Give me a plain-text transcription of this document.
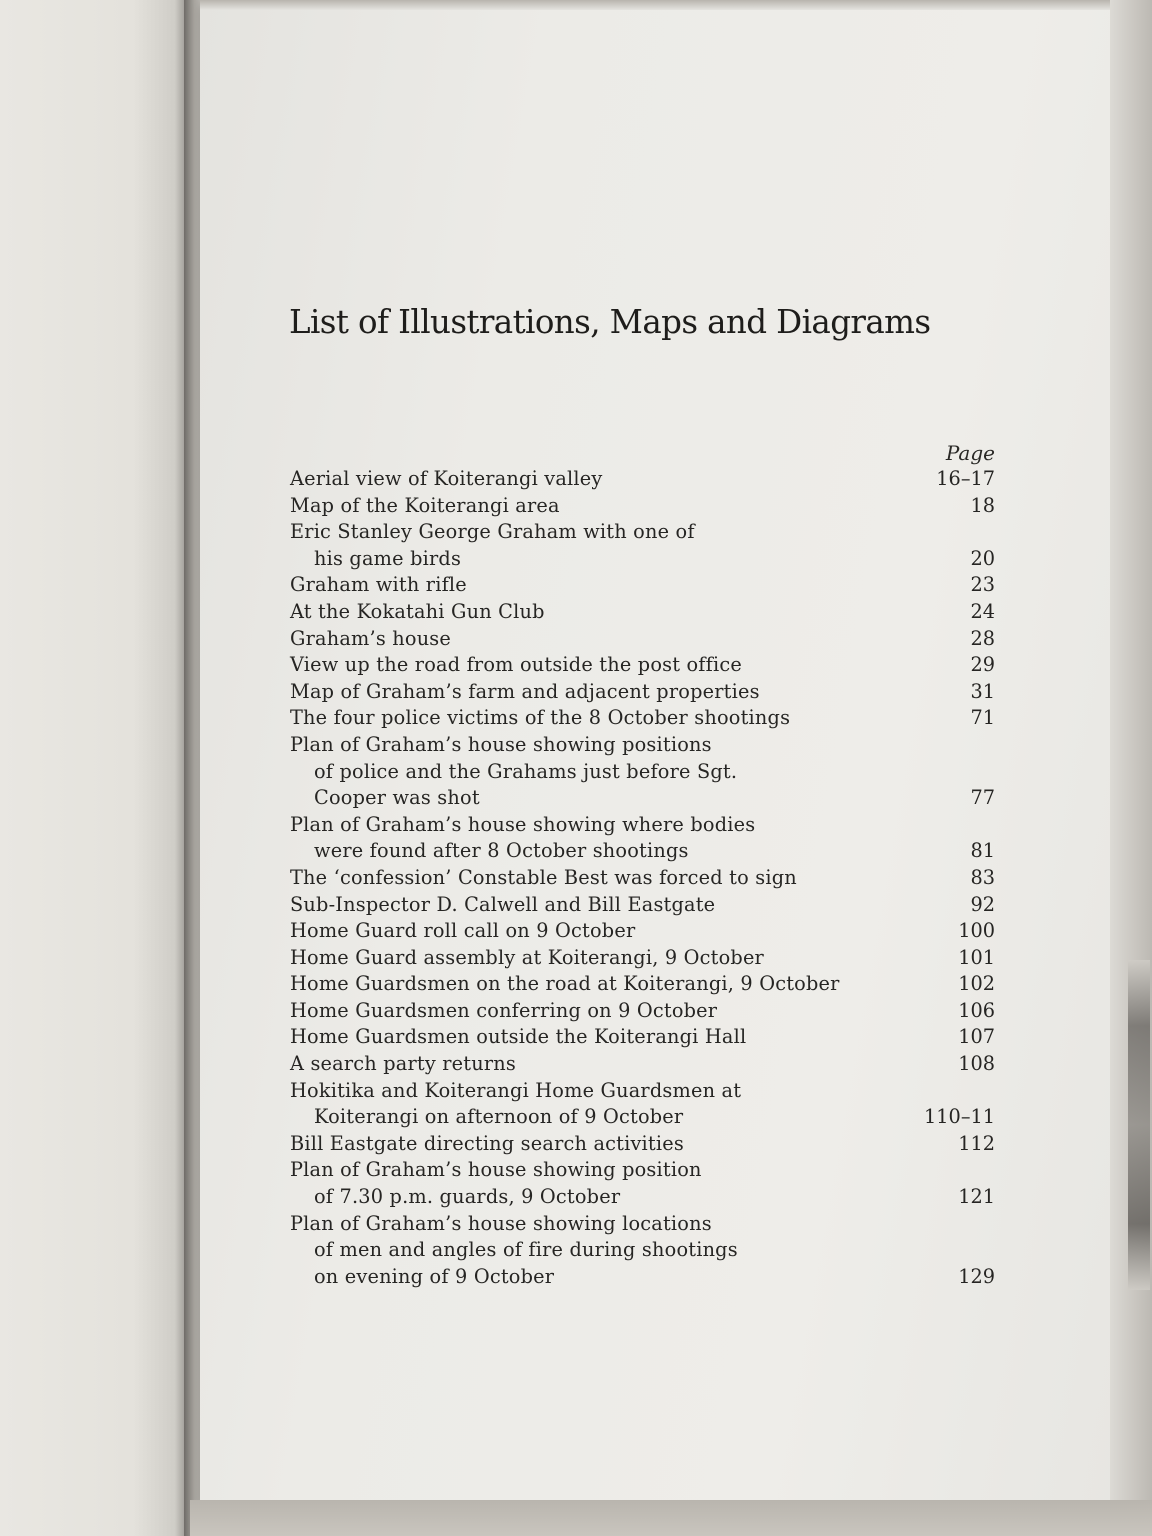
List of Illustrations, Maps and Diagrams
Page
Aerial view of Koiterangi valley	16–17
Map of the Koiterangi area	18
Eric Stanley George Graham with one of
his game birds	20
Graham with rifle	23
At the Kokatahi Gun Club	24
Graham’s house	28
View up the road from outside the post office	29
Map of Graham’s farm and adjacent properties	31
The four police victims of the 8 October shootings	71
Plan of Graham’s house showing positions
of police and the Grahams just before Sgt.
Cooper was shot	77
Plan of Graham’s house showing where bodies
were found after 8 October shootings	81
The ‘confession’ Constable Best was forced to sign	83
Sub-Inspector D. Calwell and Bill Eastgate	92
Home Guard roll call on 9 October	100
Home Guard assembly at Koiterangi, 9 October	101
Home Guardsmen on the road at Koiterangi, 9 October	102
Home Guardsmen conferring on 9 October	106
Home Guardsmen outside the Koiterangi Hall	107
A search party returns	108
Hokitika and Koiterangi Home Guardsmen at
Koiterangi on afternoon of 9 October	110–11
Bill Eastgate directing search activities	112
Plan of Graham’s house showing position
of 7.30 p.m. guards, 9 October	121
Plan of Graham’s house showing locations
of men and angles of fire during shootings
on evening of 9 October	129
